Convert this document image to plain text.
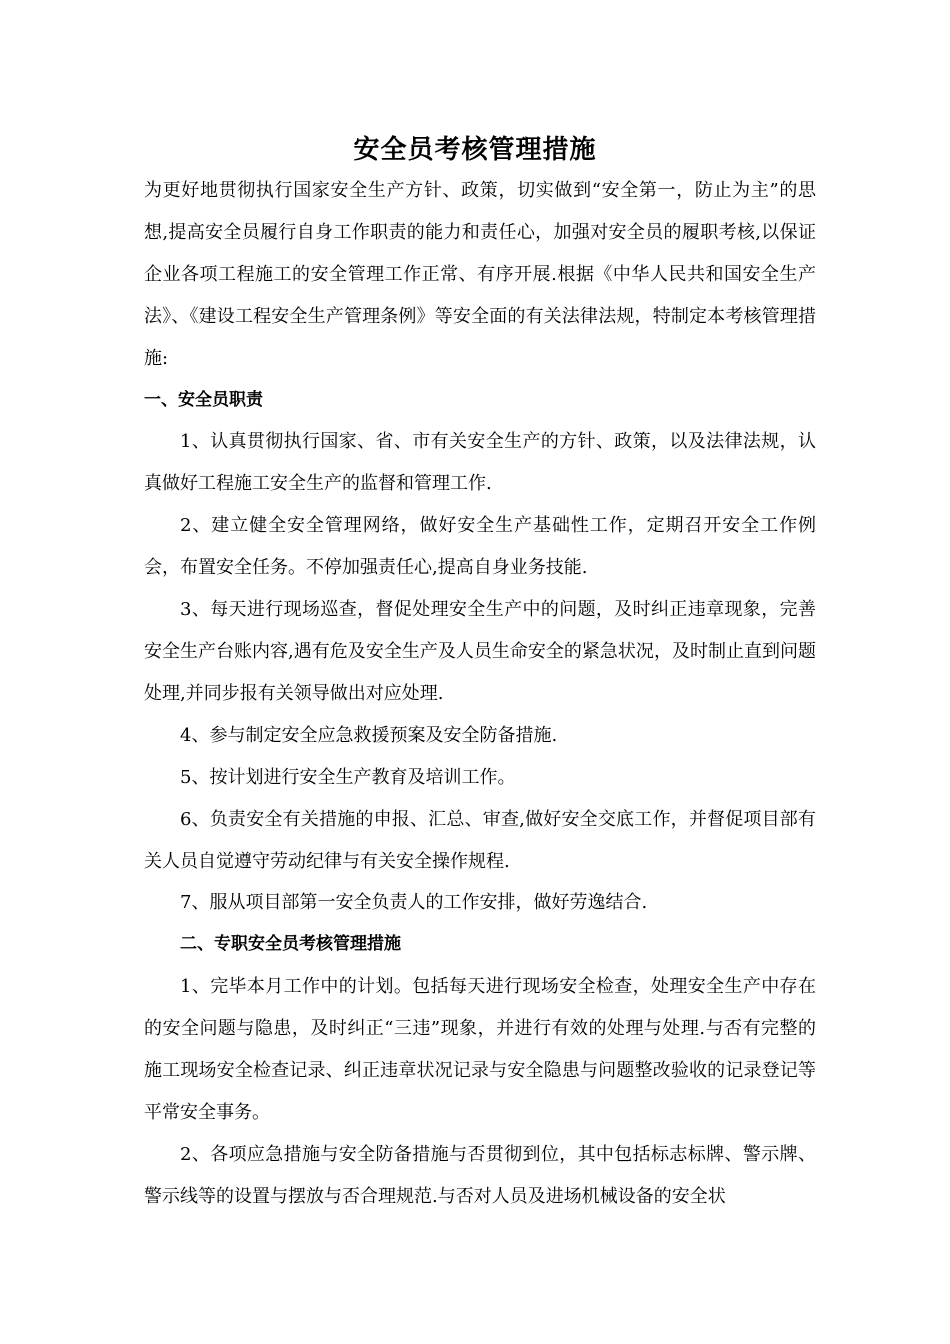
安全员考核管理措施

为更好地贯彻执行国家安全生产方针、政策，切实做到“安全第一，防止为主”的思想,提高安全员履行自身工作职责的能力和责任心，加强对安全员的履职考核,以保证企业各项工程施工的安全管理工作正常、有序开展.根据《中华人民共和国安全生产法》、《建设工程安全生产管理条例》等安全面的有关法律法规，特制定本考核管理措施:

一、安全员职责

1、认真贯彻执行国家、省、市有关安全生产的方针、政策，以及法律法规，认真做好工程施工安全生产的监督和管理工作.

2、建立健全安全管理网络，做好安全生产基础性工作，定期召开安全工作例会，布置安全任务。不停加强责任心,提高自身业务技能.

3、每天进行现场巡查，督促处理安全生产中的问题，及时纠正违章现象，完善安全生产台账内容,遇有危及安全生产及人员生命安全的紧急状况，及时制止直到问题处理,并同步报有关领导做出对应处理.

4、参与制定安全应急救援预案及安全防备措施.

5、按计划进行安全生产教育及培训工作。

6、负责安全有关措施的申报、汇总、审查,做好安全交底工作，并督促项目部有关人员自觉遵守劳动纪律与有关安全操作规程.

7、服从项目部第一安全负责人的工作安排，做好劳逸结合.

二、专职安全员考核管理措施

1、完毕本月工作中的计划。包括每天进行现场安全检查，处理安全生产中存在的安全问题与隐患，及时纠正“三违”现象，并进行有效的处理与处理.与否有完整的施工现场安全检查记录、纠正违章状况记录与安全隐患与问题整改验收的记录登记等平常安全事务。

2、各项应急措施与安全防备措施与否贯彻到位，其中包括标志标牌、警示牌、警示线等的设置与摆放与否合理规范.与否对人员及进场机械设备的安全状
